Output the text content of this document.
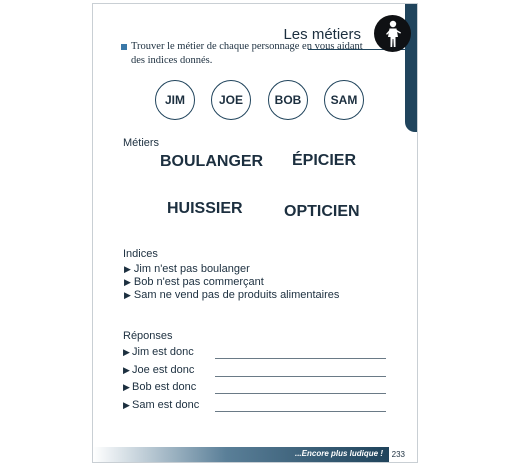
Les métiers
Trouver le métier de chaque personnage en vous aidant des indices donnés.
JIM	JOE	BOB	SAM
Métiers
BOULANGER ÉPICIER
HUISSIER	OPTICIEN
Indices
▶ Jim n'est pas boulanger
▶ Bob n'est pas commerçant
▶ Sam ne vend pas de produits alimentaires
Réponses
▶ Jim est donc
▶ Joe est donc
▶ Bob est donc
▶ Sam est donc
...Encore plus ludique ! 233
